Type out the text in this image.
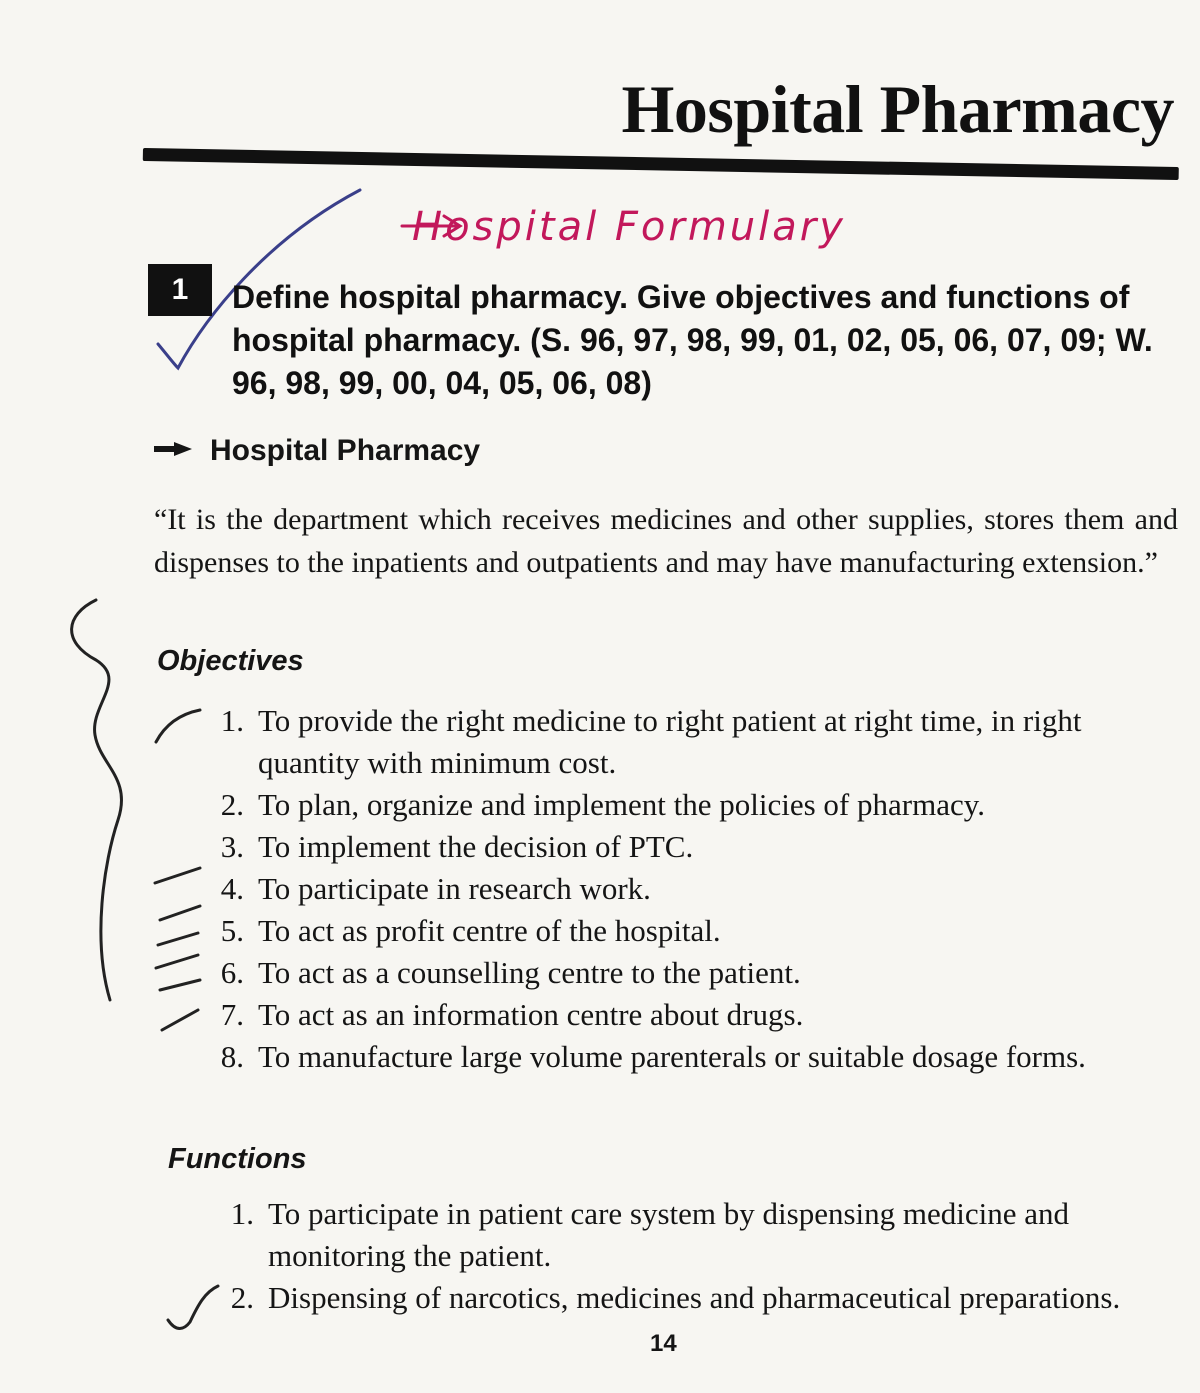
Hospital Pharmacy
Hospital Formulary
1	Define hospital pharmacy. Give objectives and functions of hospital pharmacy. (S. 96, 97, 98, 99, 01, 02, 05, 06, 07, 09; W. 96, 98, 99, 00, 04, 05, 06, 08)

Hospital Pharmacy

“It is the department which receives medicines and other supplies, stores them and dispenses to the inpatients and outpatients and may have manufacturing extension.”

Objectives
1. To provide the right medicine to right patient at right time, in right quantity with minimum cost.
2. To plan, organize and implement the policies of pharmacy.
3. To implement the decision of PTC.
4. To participate in research work.
5. To act as profit centre of the hospital.
6. To act as a counselling centre to the patient.
7. To act as an information centre about drugs.
8. To manufacture large volume parenterals or suitable dosage forms.
Functions
1. To participate in patient care system by dispensing medicine and monitoring the patient.
2. Dispensing of narcotics, medicines and pharmaceutical preparations.
14
